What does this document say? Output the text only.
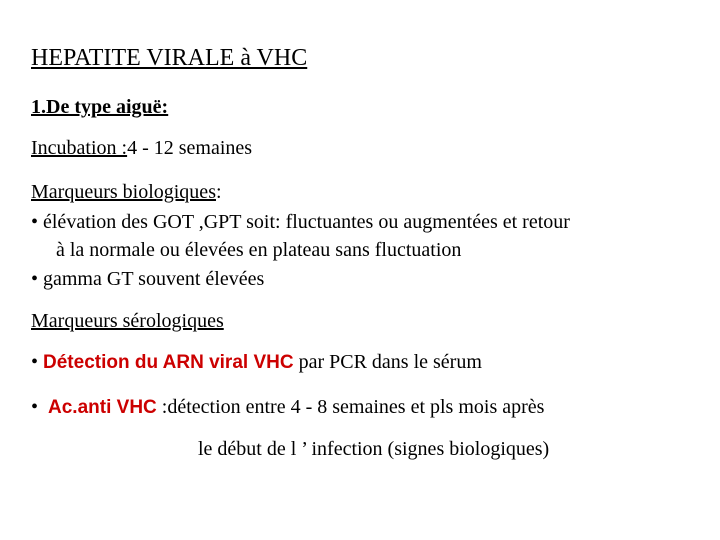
HEPATITE VIRALE à VHC
1.De type aiguë:
Incubation :4 - 12 semaines
Marqueurs biologiques:
• élévation des GOT ,GPT soit: fluctuantes ou augmentées et retour
à la normale ou élevées en plateau sans fluctuation
• gamma GT souvent élevées
Marqueurs sérologiques
• Détection du ARN viral VHC par PCR dans le sérum
• Ac.anti VHC :détection entre 4 - 8 semaines et pls mois après
le début de l ’ infection (signes biologiques)
